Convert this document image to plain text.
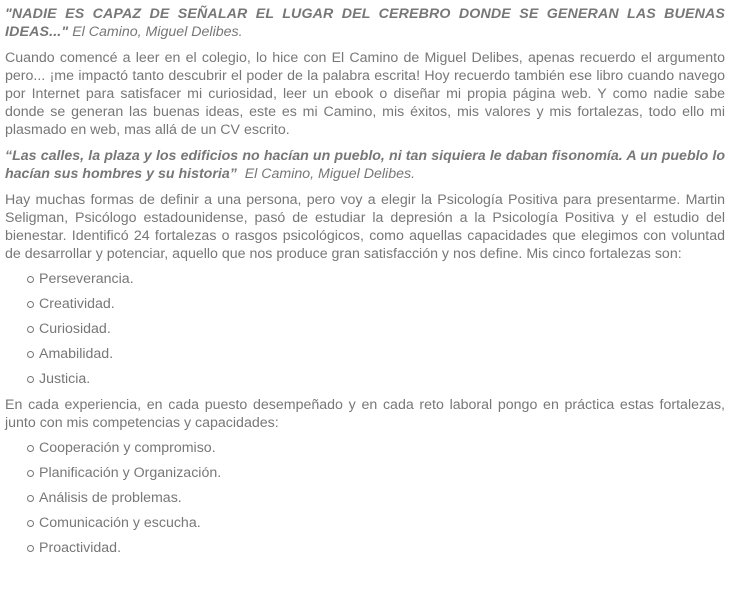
"NADIE ES CAPAZ DE SEÑALAR EL LUGAR DEL CEREBRO DONDE SE GENERAN LAS BUENAS IDEAS..." El Camino, Miguel Delibes.

Cuando comencé a leer en el colegio, lo hice con El Camino de Miguel Delibes, apenas recuerdo el argumento pero... ¡me impactó tanto descubrir el poder de la palabra escrita! Hoy recuerdo también ese libro cuando navego por Internet para satisfacer mi curiosidad, leer un ebook o diseñar mi propia página web. Y como nadie sabe donde se generan las buenas ideas, este es mi Camino, mis éxitos, mis valores y mis fortalezas, todo ello mi plasmado en web, mas allá de un CV escrito.

“Las calles, la plaza y los edificios no hacían un pueblo, ni tan siquiera le daban fisonomía. A un pueblo lo hacían sus hombres y su historia” El Camino, Miguel Delibes.

Hay muchas formas de definir a una persona, pero voy a elegir la Psicología Positiva para presentarme. Martin Seligman, Psicólogo estadounidense, pasó de estudiar la depresión a la Psicología Positiva y el estudio del bienestar. Identificó 24 fortalezas o rasgos psicológicos, como aquellas capacidades que elegimos con voluntad de desarrollar y potenciar, aquello que nos produce gran satisfacción y nos define. Mis cinco fortalezas son:

Perseverancia.
Creatividad.
Curiosidad.
Amabilidad.
Justicia.

En cada experiencia, en cada puesto desempeñado y en cada reto laboral pongo en práctica estas fortalezas, junto con mis competencias y capacidades:

Cooperación y compromiso.
Planificación y Organización.
Análisis de problemas.
Comunicación y escucha.
Proactividad.
